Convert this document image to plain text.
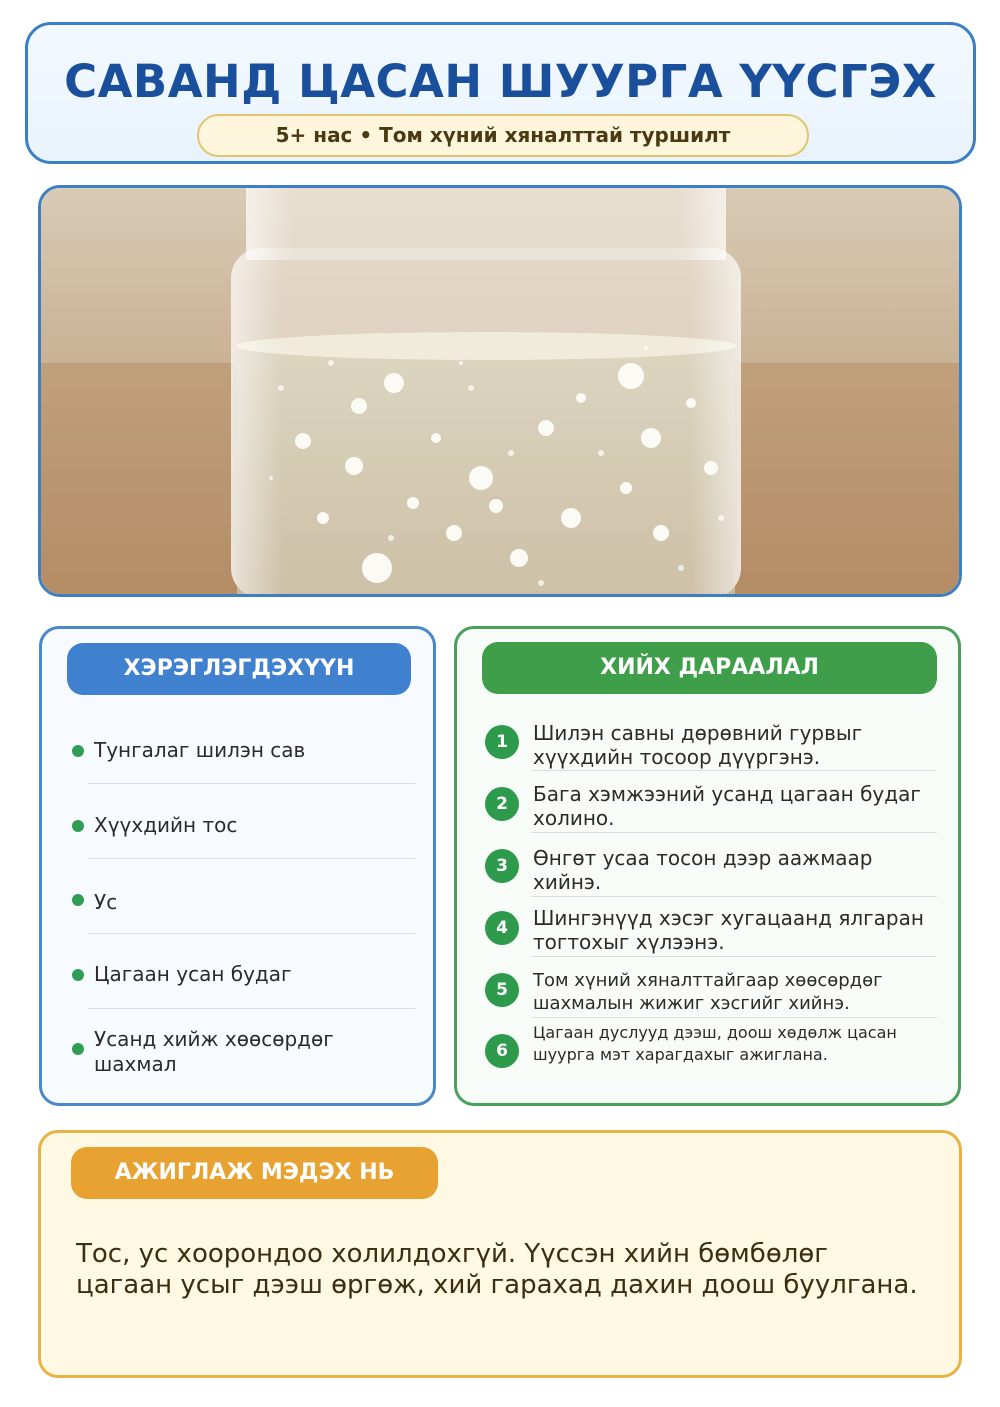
САВАНД ЦАСАН ШУУРГА ҮҮСГЭХ
5+ нас • Том хүний хяналттай туршилт
ХЭРЭГЛЭГДЭХҮҮН
Тунгалаг шилэн сав
Хүүхдийн тос
Ус
Цагаан усан будаг
Усанд хийж хөөсөрдөг шахмал
ХИЙХ ДАРААЛАЛ
1	Шилэн савны дөрөвний гурвыг хүүхдийн тосоор дүүргэнэ.
2	Бага хэмжээний усанд цагаан будаг холино.
3	Өнгөт усаа тосон дээр аажмаар хийнэ.
4	Шингэнүүд хэсэг хугацаанд ялгаран тогтохыг хүлээнэ.
5	Том хүний хяналттайгаар хөөсөрдөг шахмалын жижиг хэсгийг хийнэ.
6
Цагаан дуслууд дээш, доош хөдөлж цасан шуурга мэт харагдахыг ажиглана.
АЖИГЛАЖ МЭДЭХ НЬ
Тос, ус хоорондоо холилдохгүй. Үүссэн хийн бөмбөлөг цагаан усыг дээш өргөж, хий гарахад дахин доош буулгана.
